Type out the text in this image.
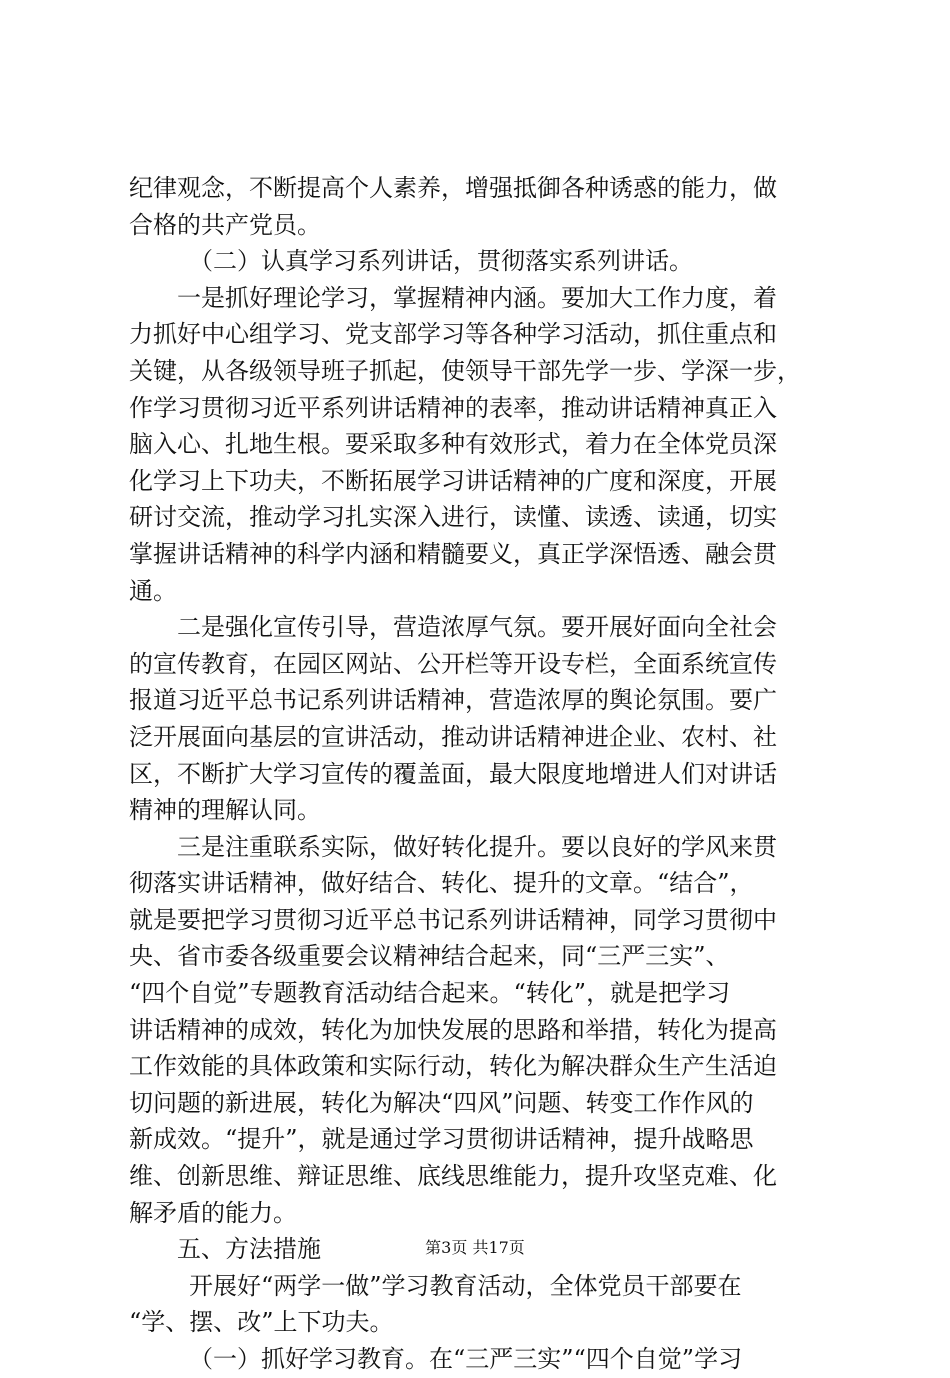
纪律观念，不断提高个人素养，增强抵御各种诱惑的能力，做
合格的共产党员。
（二）认真学习系列讲话，贯彻落实系列讲话。
一是抓好理论学习，掌握精神内涵。要加大工作力度，着
力抓好中心组学习、党支部学习等各种学习活动，抓住重点和
关键，从各级领导班子抓起，使领导干部先学一步、学深一步，
作学习贯彻习近平系列讲话精神的表率，推动讲话精神真正入
脑入心、扎地生根。要采取多种有效形式，着力在全体党员深
化学习上下功夫，不断拓展学习讲话精神的广度和深度，开展
研讨交流，推动学习扎实深入进行，读懂、读透、读通，切实
掌握讲话精神的科学内涵和精髓要义，真正学深悟透、融会贯
通。
二是强化宣传引导，营造浓厚气氛。要开展好面向全社会
的宣传教育，在园区网站、公开栏等开设专栏，全面系统宣传
报道习近平总书记系列讲话精神，营造浓厚的舆论氛围。要广
泛开展面向基层的宣讲活动，推动讲话精神进企业、农村、社
区，不断扩大学习宣传的覆盖面，最大限度地增进人们对讲话
精神的理解认同。
三是注重联系实际，做好转化提升。要以良好的学风来贯
彻落实讲话精神，做好结合、转化、提升的文章。“结合”，
就是要把学习贯彻习近平总书记系列讲话精神，同学习贯彻中
央、省市委各级重要会议精神结合起来，同“三严三实”、
“四个自觉”专题教育活动结合起来。“转化”，就是把学习
讲话精神的成效，转化为加快发展的思路和举措，转化为提高
工作效能的具体政策和实际行动，转化为解决群众生产生活迫
切问题的新进展，转化为解决“四风”问题、转变工作作风的
新成效。“提升”，就是通过学习贯彻讲话精神，提升战略思
维、创新思维、辩证思维、底线思维能力，提升攻坚克难、化
解矛盾的能力。
五、方法措施
开展好“两学一做”学习教育活动，全体党员干部要在
“学、摆、改”上下功夫。
（一）抓好学习教育。在“三严三实”“四个自觉”学习
第3页 共17页
